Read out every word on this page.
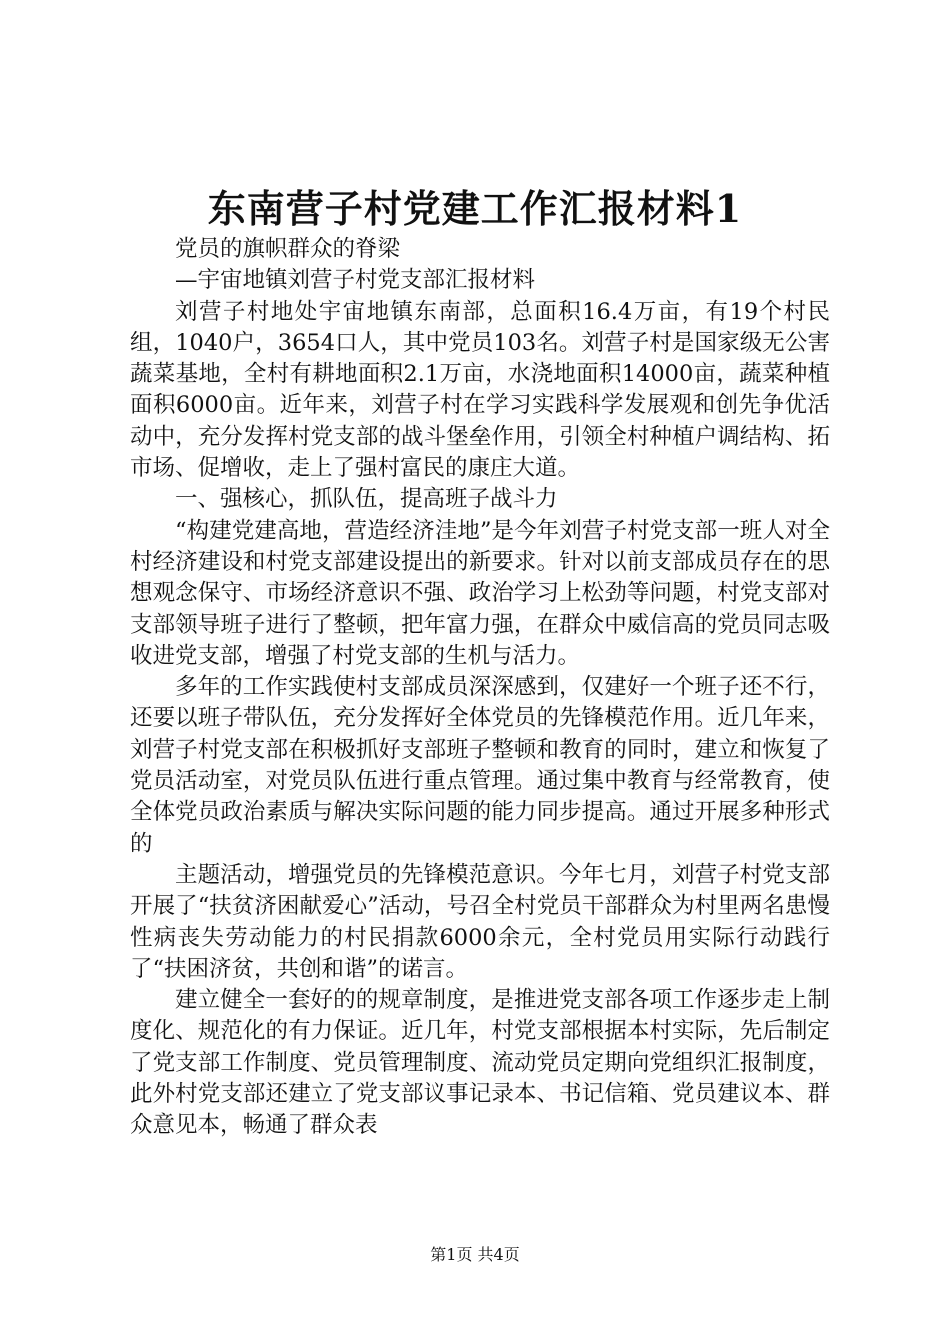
东南营子村党建工作汇报材料1

党员的旗帜群众的脊梁

—宇宙地镇刘营子村党支部汇报材料

刘营子村地处宇宙地镇东南部，总面积16.4万亩，有19个村民组，1040户，3654口人，其中党员103名。刘营子村是国家级无公害蔬菜基地，全村有耕地面积2.1万亩，水浇地面积14000亩，蔬菜种植面积6000亩。近年来，刘营子村在学习实践科学发展观和创先争优活动中，充分发挥村党支部的战斗堡垒作用，引领全村种植户调结构、拓市场、促增收，走上了强村富民的康庄大道。

一、强核心，抓队伍，提高班子战斗力

“构建党建高地，营造经济洼地”是今年刘营子村党支部一班人对全村经济建设和村党支部建设提出的新要求。针对以前支部成员存在的思想观念保守、市场经济意识不强、政治学习上松劲等问题，村党支部对支部领导班子进行了整顿，把年富力强，在群众中威信高的党员同志吸收进党支部，增强了村党支部的生机与活力。

多年的工作实践使村支部成员深深感到，仅建好一个班子还不行，还要以班子带队伍，充分发挥好全体党员的先锋模范作用。近几年来，刘营子村党支部在积极抓好支部班子整顿和教育的同时，建立和恢复了党员活动室，对党员队伍进行重点管理。通过集中教育与经常教育，使全体党员政治素质与解决实际问题的能力同步提高。通过开展多种形式的

主题活动，增强党员的先锋模范意识。今年七月，刘营子村党支部开展了“扶贫济困献爱心”活动，号召全村党员干部群众为村里两名患慢性病丧失劳动能力的村民捐款6000余元，全村党员用实际行动践行了“扶困济贫，共创和谐”的诺言。

建立健全一套好的的规章制度，是推进党支部各项工作逐步走上制度化、规范化的有力保证。近几年，村党支部根据本村实际，先后制定了党支部工作制度、党员管理制度、流动党员定期向党组织汇报制度，此外村党支部还建立了党支部议事记录本、书记信箱、党员建议本、群众意见本，畅通了群众表

第1页 共4页
